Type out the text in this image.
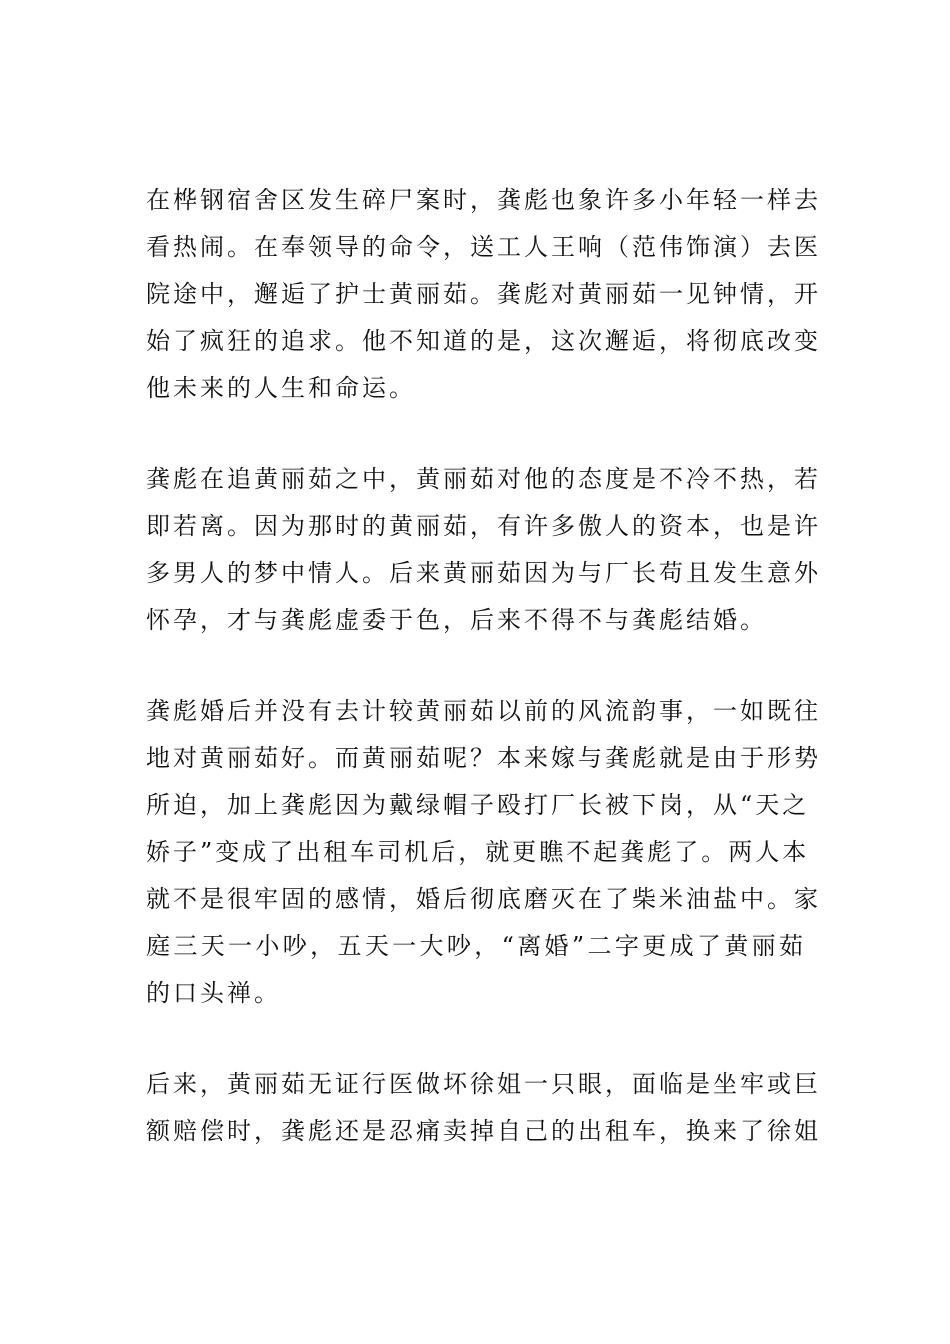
在桦钢宿舍区发生碎尸案时，龚彪也象许多小年轻一样去
看热闹。在奉领导的命令，送工人王响（范伟饰演）去医
院途中，邂逅了护士黄丽茹。龚彪对黄丽茹一见钟情，开
始了疯狂的追求。他不知道的是，这次邂逅，将彻底改变
他未来的人生和命运。
龚彪在追黄丽茹之中，黄丽茹对他的态度是不冷不热，若
即若离。因为那时的黄丽茹，有许多傲人的资本，也是许
多男人的梦中情人。后来黄丽茹因为与厂长苟且发生意外
怀孕，才与龚彪虚委于色，后来不得不与龚彪结婚。
龚彪婚后并没有去计较黄丽茹以前的风流韵事，一如既往
地对黄丽茹好。而黄丽茹呢？本来嫁与龚彪就是由于形势
所迫，加上龚彪因为戴绿帽子殴打厂长被下岗，从“天之
娇子”变成了出租车司机后，就更瞧不起龚彪了。两人本
就不是很牢固的感情，婚后彻底磨灭在了柴米油盐中。家
庭三天一小吵，五天一大吵，“离婚”二字更成了黄丽茹
的口头禅。
后来，黄丽茹无证行医做坏徐姐一只眼，面临是坐牢或巨
额赔偿时，龚彪还是忍痛卖掉自己的出租车，换来了徐姐
